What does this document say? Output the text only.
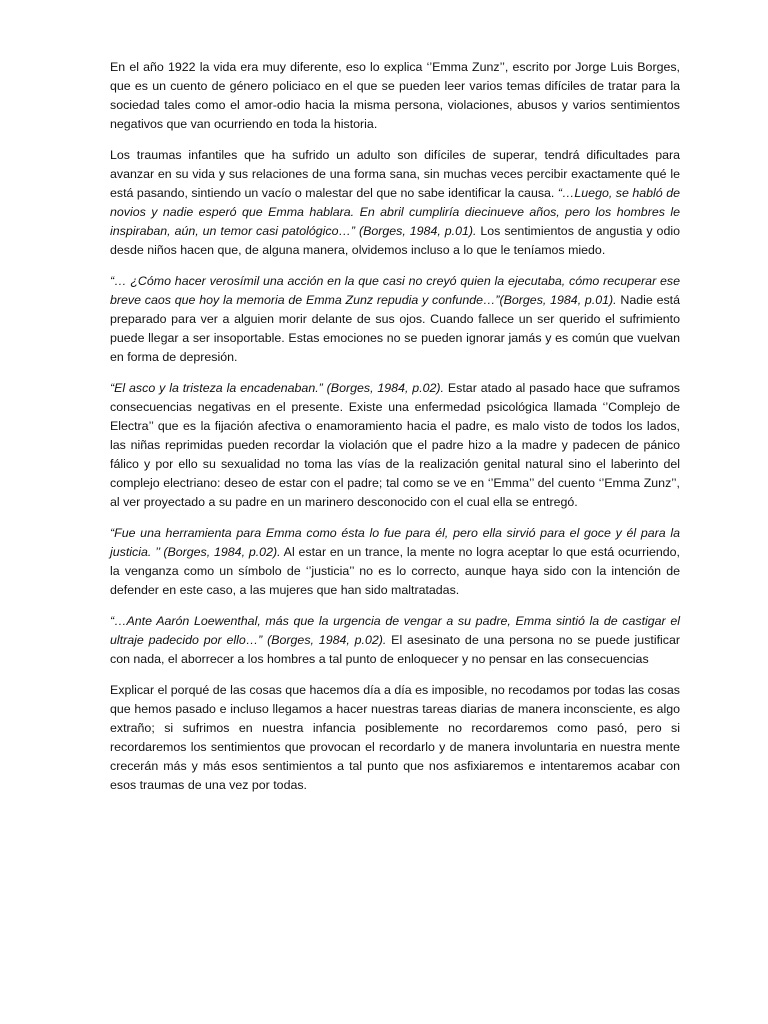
En el año 1922 la vida era muy diferente, eso lo explica ‘’Emma Zunz’’, escrito por Jorge Luis Borges, que es un cuento de género policiaco en el que se pueden leer varios temas difíciles de tratar para la sociedad tales como el amor-odio hacia la misma persona, violaciones, abusos y varios sentimientos negativos que van ocurriendo en toda la historia.

Los traumas infantiles que ha sufrido un adulto son difíciles de superar, tendrá dificultades para avanzar en su vida y sus relaciones de una forma sana, sin muchas veces percibir exactamente qué le está pasando, sintiendo un vacío o malestar del que no sabe identificar la causa. “…Luego, se habló de novios y nadie esperó que Emma hablara. En abril cumpliría diecinueve años, pero los hombres le inspiraban, aún, un temor casi patológico…” (Borges, 1984, p.01). Los sentimientos de angustia y odio desde niños hacen que, de alguna manera, olvidemos incluso a lo que le teníamos miedo.

“… ¿Cómo hacer verosímil una acción en la que casi no creyó quien la ejecutaba, cómo recuperar ese breve caos que hoy la memoria de Emma Zunz repudia y confunde…”(Borges, 1984, p.01). Nadie está preparado para ver a alguien morir delante de sus ojos. Cuando fallece un ser querido el sufrimiento puede llegar a ser insoportable. Estas emociones no se pueden ignorar jamás y es común que vuelvan en forma de depresión.

“El asco y la tristeza la encadenaban.” (Borges, 1984, p.02). Estar atado al pasado hace que suframos consecuencias negativas en el presente. Existe una enfermedad psicológica llamada ‘’Complejo de Electra’’ que es la fijación afectiva o enamoramiento hacia el padre, es malo visto de todos los lados, las niñas reprimidas pueden recordar la violación que el padre hizo a la madre y padecen de pánico fálico y por ello su sexualidad no toma las vías de la realización genital natural sino el laberinto del complejo electriano: deseo de estar con el padre; tal como se ve en ‘’Emma’’ del cuento ‘’Emma Zunz’’, al ver proyectado a su padre en un marinero desconocido con el cual ella se entregó.

“Fue una herramienta para Emma como ésta lo fue para él, pero ella sirvió para el goce y él para la justicia. ’’ (Borges, 1984, p.02). Al estar en un trance, la mente no logra aceptar lo que está ocurriendo, la venganza como un símbolo de ‘’justicia’’ no es lo correcto, aunque haya sido con la intención de defender en este caso, a las mujeres que han sido maltratadas.

“…Ante Aarón Loewenthal, más que la urgencia de vengar a su padre, Emma sintió la de castigar el ultraje padecido por ello…” (Borges, 1984, p.02). El asesinato de una persona no se puede justificar con nada, el aborrecer a los hombres a tal punto de enloquecer y no pensar en las consecuencias

Explicar el porqué de las cosas que hacemos día a día es imposible, no recodamos por todas las cosas que hemos pasado e incluso llegamos a hacer nuestras tareas diarias de manera inconsciente, es algo extraño; si sufrimos en nuestra infancia posiblemente no recordaremos como pasó, pero si recordaremos los sentimientos que provocan el recordarlo y de manera involuntaria en nuestra mente crecerán más y más esos sentimientos a tal punto que nos asfixiaremos e intentaremos acabar con esos traumas de una vez por todas.
